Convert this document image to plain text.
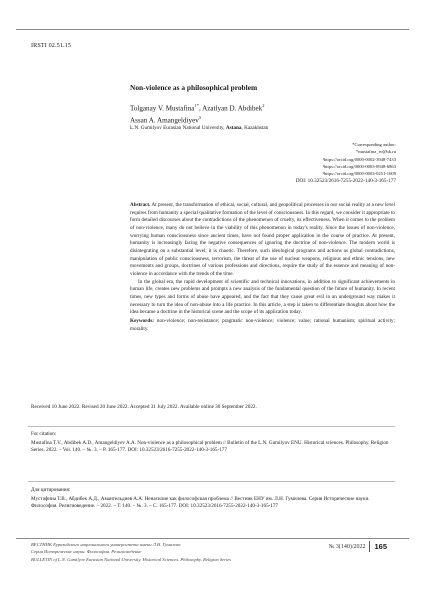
IRSTI 02.51.15
Non-violence as a philosophical problem
Tolganay V. Mustafina$^{1*}$, Azatlyan D. Abdibek$^2$
Assan A. Amangeldiyev$^3$
L.N. Gumilyov Eurasian National University, Astana, Kazakhstan
*Corresponding author:
*mustafina_tv@bk.ru
¹https://orcid.org/0000-0002-3948-7433
²https://orcid.org/0000-0003-8948-6863
³https://orcid.org/0000-0003-0251-1609
DOI: 10.32523/2616-7255-2022-140-3-165-177

Abstract. At present, the transformation of ethical, social, cultural, and geopolitical processes in our social reality at a new level requires from humanity a special qualitative formation of the level of consciousness. In this regard, we consider it appropriate to form detailed discourses about the contradictions of the phenomenon of cruelty, its effectiveness. When it comes to the problem of non-violence, many do not believe in the viability of this phenomenon in today's reality. Since the issues of non-violence, worrying human consciousness since ancient times, have not found proper application in the course of practice. At present, humanity is increasingly facing the negative consequences of ignoring the doctrine of non-violence. The modern world is disintegrating on a substantial level, it is chaotic. Therefore, such ideological programs and actions as global contradictions, manipulation of public consciousness, terrorism, the threat of the use of nuclear weapons, religious and ethnic tensions, new movements and groups, doctrines of various professions and directions, require the study of the essence and meaning of non-violence in accordance with the trends of the time.

In the global era, the rapid development of scientific and technical innovations, in addition to significant achievements in human life, creates new problems and prompts a new analysis of the fundamental question of the future of humanity. In recent times, new types and forms of abuse have appeared, and the fact that they cause great evil in an underground way makes it necessary to turn the idea of non-abuse into a life practice. In this article, a step is taken to differentiate thoughts about how the idea became a doctrine in the historical scene and the scope of its application today.

Keywords: non-violence; non-resistance; pragmatic non-violence; violence; value; rational humanism; spiritual activity; morality.

Received 10 June 2022. Revised 20 June 2022. Accepted 31 July 2022. Available online 30 September 2022.
For citation:
Mustafina T.V., Abdibek A.D., Amangeldiyev A.A. Non-violence as a philosophical problem // Bulletin of the L.N. Gumilyov ENU. Historical sciences. Philosophy. Religion Series. 2022. – Vol. 140. – №. 3. – P. 165-177. DOI: 10.32523/2616-7255-2022-140-3-165-177
Для цитирования:
Мустафина Т.В., Абдибек А.Д., Амангельдиев А.А. Ненасилие как философская проблема // Вестник ЕНУ им. Л.Н. Гумилева. Серия Исторические науки. Философия. Религиоведение. – 2022. – Т. 140. – №. 3. – С. 165-177. DOI: 10.32523/2616-7255-2022-140-3-165-177
ВЕСТНИК Еуразийского национального университета имени Л.Н. Гумилева
Серия Исторические науки. Философия. Религиоведение
BULLETIN of L.N. Gumilyov Eurasian National University. Historical Sciences. Philosophy. Religion Series
№ 3(140)/2022 165
